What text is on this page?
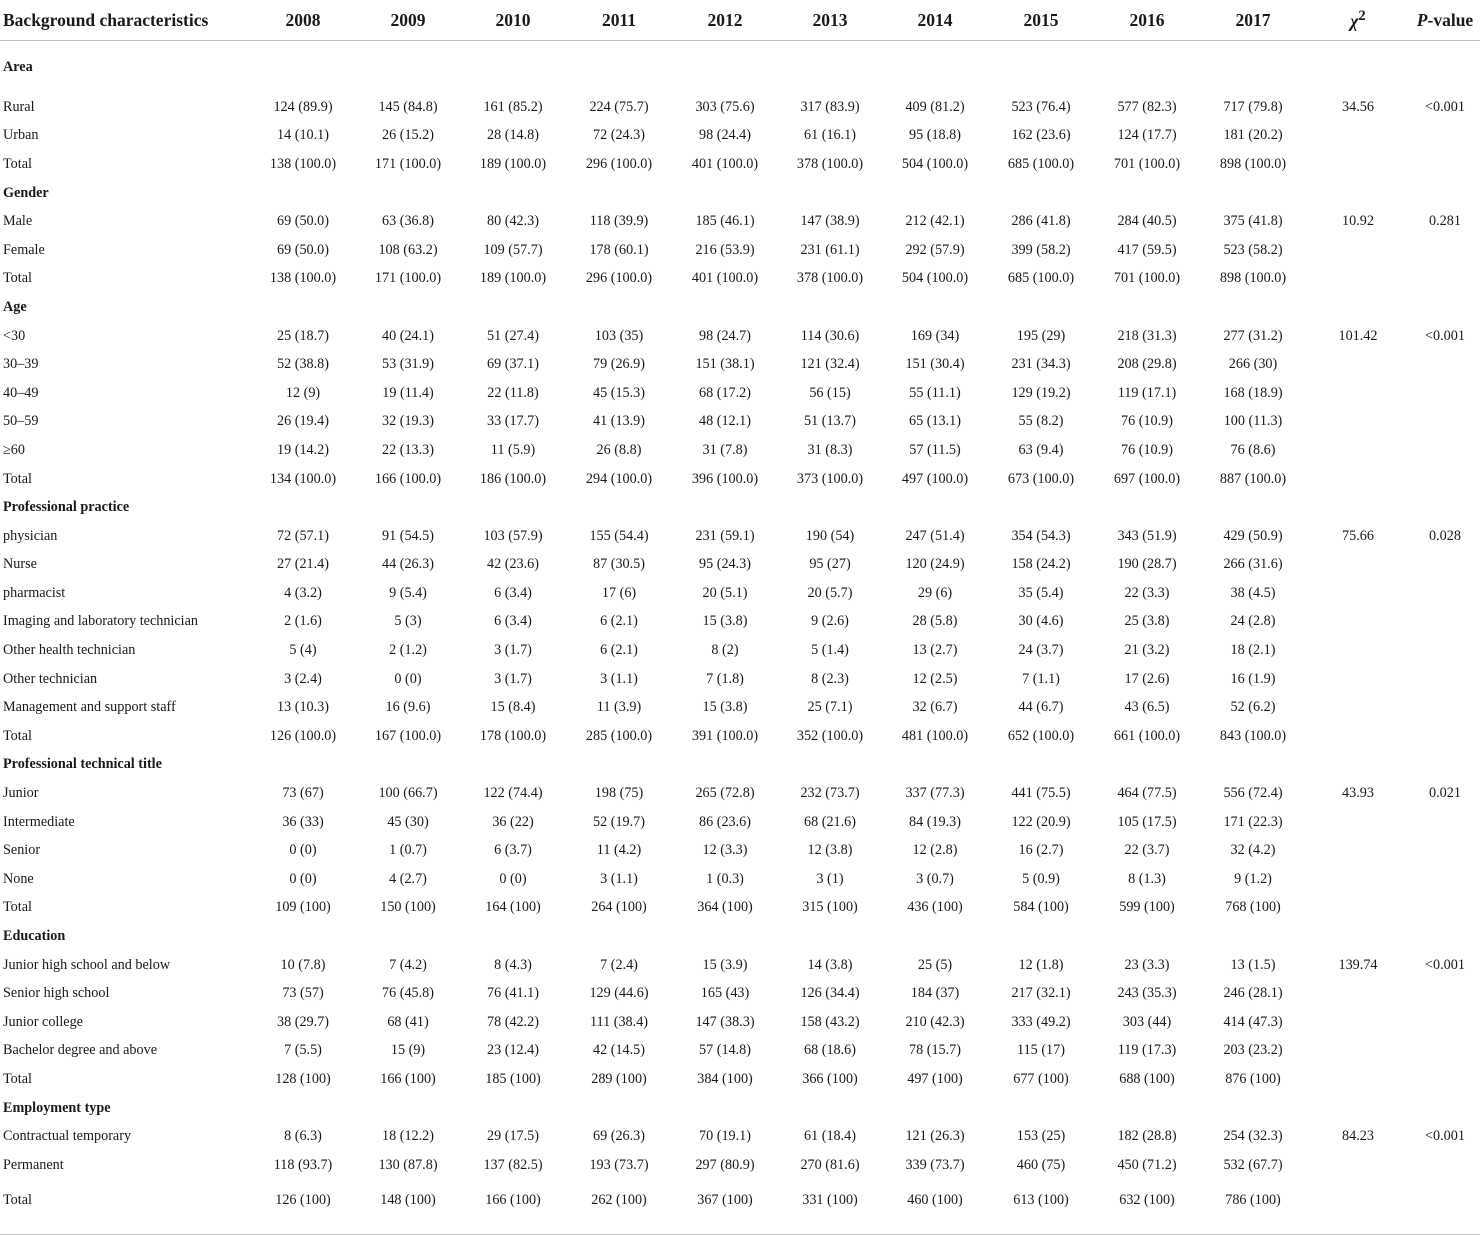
Background characteristics	2008	2009	2010	2011	2012	2013	2014	2015	2016	2017	$\chi^2$	P-value
Area												
Rural	124 (89.9)	145 (84.8)	161 (85.2)	224 (75.7)	303 (75.6)	317 (83.9)	409 (81.2)	523 (76.4)	577 (82.3)	717 (79.8)	34.56	<0.001
Urban	14 (10.1)	26 (15.2)	28 (14.8)	72 (24.3)	98 (24.4)	61 (16.1)	95 (18.8)	162 (23.6)	124 (17.7)	181 (20.2)		
Total	138 (100.0)	171 (100.0)	189 (100.0)	296 (100.0)	401 (100.0)	378 (100.0)	504 (100.0)	685 (100.0)	701 (100.0)	898 (100.0)		
Gender												
Male	69 (50.0)	63 (36.8)	80 (42.3)	118 (39.9)	185 (46.1)	147 (38.9)	212 (42.1)	286 (41.8)	284 (40.5)	375 (41.8)	10.92	0.281
Female	69 (50.0)	108 (63.2)	109 (57.7)	178 (60.1)	216 (53.9)	231 (61.1)	292 (57.9)	399 (58.2)	417 (59.5)	523 (58.2)		
Total	138 (100.0)	171 (100.0)	189 (100.0)	296 (100.0)	401 (100.0)	378 (100.0)	504 (100.0)	685 (100.0)	701 (100.0)	898 (100.0)		
Age												
<30	25 (18.7)	40 (24.1)	51 (27.4)	103 (35)	98 (24.7)	114 (30.6)	169 (34)	195 (29)	218 (31.3)	277 (31.2)	101.42	<0.001
30–39	52 (38.8)	53 (31.9)	69 (37.1)	79 (26.9)	151 (38.1)	121 (32.4)	151 (30.4)	231 (34.3)	208 (29.8)	266 (30)		
40–49	12 (9)	19 (11.4)	22 (11.8)	45 (15.3)	68 (17.2)	56 (15)	55 (11.1)	129 (19.2)	119 (17.1)	168 (18.9)		
50–59	26 (19.4)	32 (19.3)	33 (17.7)	41 (13.9)	48 (12.1)	51 (13.7)	65 (13.1)	55 (8.2)	76 (10.9)	100 (11.3)		
≥60	19 (14.2)	22 (13.3)	11 (5.9)	26 (8.8)	31 (7.8)	31 (8.3)	57 (11.5)	63 (9.4)	76 (10.9)	76 (8.6)		
Total	134 (100.0)	166 (100.0)	186 (100.0)	294 (100.0)	396 (100.0)	373 (100.0)	497 (100.0)	673 (100.0)	697 (100.0)	887 (100.0)		
Professional practice												
physician	72 (57.1)	91 (54.5)	103 (57.9)	155 (54.4)	231 (59.1)	190 (54)	247 (51.4)	354 (54.3)	343 (51.9)	429 (50.9)	75.66	0.028
Nurse	27 (21.4)	44 (26.3)	42 (23.6)	87 (30.5)	95 (24.3)	95 (27)	120 (24.9)	158 (24.2)	190 (28.7)	266 (31.6)		
pharmacist	4 (3.2)	9 (5.4)	6 (3.4)	17 (6)	20 (5.1)	20 (5.7)	29 (6)	35 (5.4)	22 (3.3)	38 (4.5)		
Imaging and laboratory technician	2 (1.6)	5 (3)	6 (3.4)	6 (2.1)	15 (3.8)	9 (2.6)	28 (5.8)	30 (4.6)	25 (3.8)	24 (2.8)		
Other health technician	5 (4)	2 (1.2)	3 (1.7)	6 (2.1)	8 (2)	5 (1.4)	13 (2.7)	24 (3.7)	21 (3.2)	18 (2.1)		
Other technician	3 (2.4)	0 (0)	3 (1.7)	3 (1.1)	7 (1.8)	8 (2.3)	12 (2.5)	7 (1.1)	17 (2.6)	16 (1.9)		
Management and support staff	13 (10.3)	16 (9.6)	15 (8.4)	11 (3.9)	15 (3.8)	25 (7.1)	32 (6.7)	44 (6.7)	43 (6.5)	52 (6.2)		
Total	126 (100.0)	167 (100.0)	178 (100.0)	285 (100.0)	391 (100.0)	352 (100.0)	481 (100.0)	652 (100.0)	661 (100.0)	843 (100.0)		
Professional technical title												
Junior	73 (67)	100 (66.7)	122 (74.4)	198 (75)	265 (72.8)	232 (73.7)	337 (77.3)	441 (75.5)	464 (77.5)	556 (72.4)	43.93	0.021
Intermediate	36 (33)	45 (30)	36 (22)	52 (19.7)	86 (23.6)	68 (21.6)	84 (19.3)	122 (20.9)	105 (17.5)	171 (22.3)		
Senior	0 (0)	1 (0.7)	6 (3.7)	11 (4.2)	12 (3.3)	12 (3.8)	12 (2.8)	16 (2.7)	22 (3.7)	32 (4.2)		
None	0 (0)	4 (2.7)	0 (0)	3 (1.1)	1 (0.3)	3 (1)	3 (0.7)	5 (0.9)	8 (1.3)	9 (1.2)		
Total	109 (100)	150 (100)	164 (100)	264 (100)	364 (100)	315 (100)	436 (100)	584 (100)	599 (100)	768 (100)		
Education												
Junior high school and below	10 (7.8)	7 (4.2)	8 (4.3)	7 (2.4)	15 (3.9)	14 (3.8)	25 (5)	12 (1.8)	23 (3.3)	13 (1.5)	139.74	<0.001
Senior high school	73 (57)	76 (45.8)	76 (41.1)	129 (44.6)	165 (43)	126 (34.4)	184 (37)	217 (32.1)	243 (35.3)	246 (28.1)		
Junior college	38 (29.7)	68 (41)	78 (42.2)	111 (38.4)	147 (38.3)	158 (43.2)	210 (42.3)	333 (49.2)	303 (44)	414 (47.3)		
Bachelor degree and above	7 (5.5)	15 (9)	23 (12.4)	42 (14.5)	57 (14.8)	68 (18.6)	78 (15.7)	115 (17)	119 (17.3)	203 (23.2)		
Total	128 (100)	166 (100)	185 (100)	289 (100)	384 (100)	366 (100)	497 (100)	677 (100)	688 (100)	876 (100)		
Employment type												
Contractual temporary	8 (6.3)	18 (12.2)	29 (17.5)	69 (26.3)	70 (19.1)	61 (18.4)	121 (26.3)	153 (25)	182 (28.8)	254 (32.3)	84.23	<0.001
Permanent	118 (93.7)	130 (87.8)	137 (82.5)	193 (73.7)	297 (80.9)	270 (81.6)	339 (73.7)	460 (75)	450 (71.2)	532 (67.7)		
Total	126 (100)	148 (100)	166 (100)	262 (100)	367 (100)	331 (100)	460 (100)	613 (100)	632 (100)	786 (100)		
